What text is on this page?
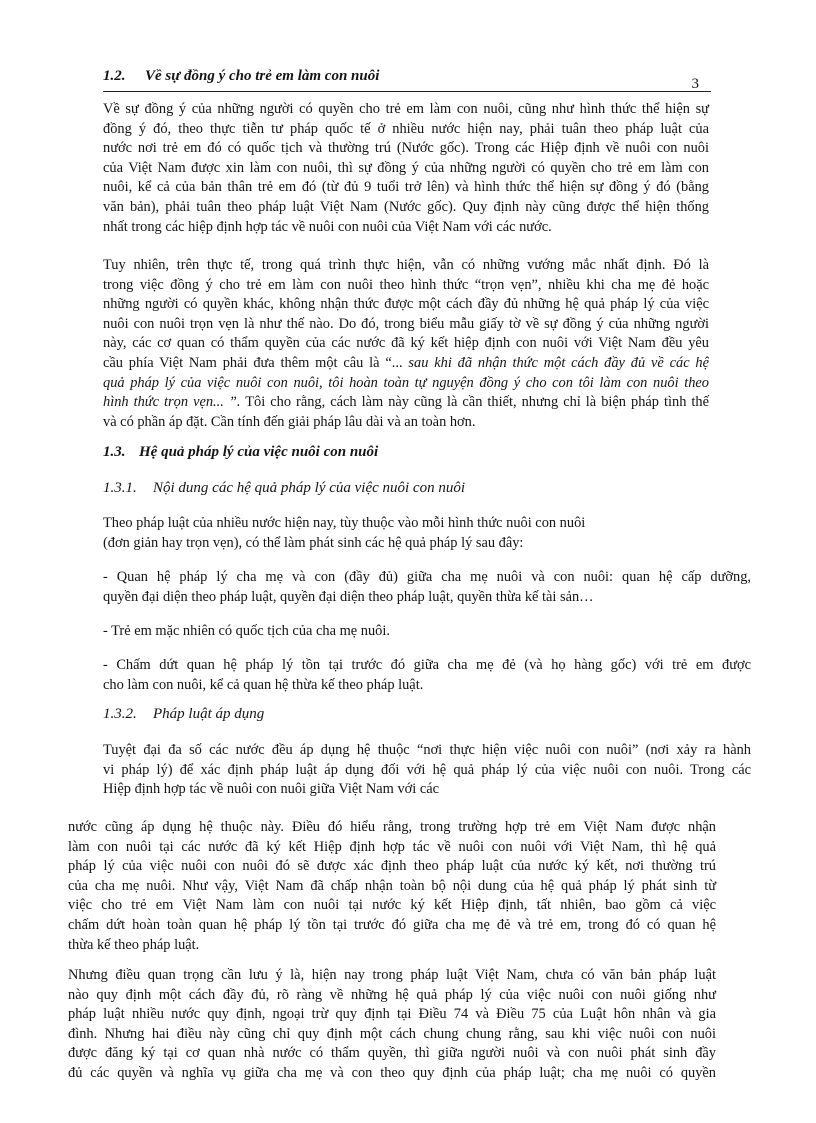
1.2. Về sự đồng ý cho trẻ em làm con nuôi	3
Về sự đồng ý của những người có quyền cho trẻ em làm con nuôi, cũng như hình thức thể hiện sự
đồng ý đó, theo thực tiễn tư pháp quốc tế ở nhiều nước hiện nay, phải tuân theo pháp luật của
nước nơi trẻ em đó có quốc tịch và thường trú (Nước gốc). Trong các Hiệp định về nuôi con nuôi
của Việt Nam được xin làm con nuôi, thì sự đồng ý của những người có quyền cho trẻ em làm con
nuôi, kể cả của bản thân trẻ em đó (từ đủ 9 tuổi trở lên) và hình thức thể hiện sự đồng ý đó (bằng
văn bản), phải tuân theo pháp luật Việt Nam (Nước gốc). Quy định này cũng được thể hiện thống
nhất trong các hiệp định hợp tác về nuôi con nuôi của Việt Nam với các nước.
Tuy nhiên, trên thực tế, trong quá trình thực hiện, vẫn có những vướng mắc nhất định. Đó là
trong việc đồng ý cho trẻ em làm con nuôi theo hình thức “trọn vẹn”, nhiều khi cha mẹ đẻ hoặc
những người có quyền khác, không nhận thức được một cách đầy đủ những hệ quả pháp lý của việc
nuôi con nuôi trọn vẹn là như thế nào. Do đó, trong biểu mẫu giấy tờ về sự đồng ý của những người
này, các cơ quan có thẩm quyền của các nước đã ký kết hiệp định con nuôi với Việt Nam đều yêu
cầu phía Việt Nam phải đưa thêm một câu là “... sau khi đã nhận thức một cách đầy đủ về các hệ
quả pháp lý của việc nuôi con nuôi, tôi hoàn toàn tự nguyện đồng ý cho con tôi làm con nuôi theo
hình thức trọn vẹn... ”. Tôi cho rằng, cách làm này cũng là cần thiết, nhưng chỉ là biện pháp tình thế
và có phần áp đặt. Cần tính đến giải pháp lâu dài và an toàn hơn.
1.3. Hệ quả pháp lý của việc nuôi con nuôi
1.3.1. Nội dung các hệ quả pháp lý của việc nuôi con nuôi
Theo pháp luật của nhiều nước hiện nay, tùy thuộc vào mỗi hình thức nuôi con nuôi
(đơn giản hay trọn vẹn), có thể làm phát sinh các hệ quả pháp lý sau đây:
- Quan hệ pháp lý cha mẹ và con (đầy đủ) giữa cha mẹ nuôi và con nuôi: quan hệ cấp dưỡng,
quyền đại diện theo pháp luật, quyền đại diện theo pháp luật, quyền thừa kế tài sản…
- Trẻ em mặc nhiên có quốc tịch của cha mẹ nuôi.
- Chấm dứt quan hệ pháp lý tồn tại trước đó giữa cha mẹ đẻ (và họ hàng gốc) với trẻ em được
cho làm con nuôi, kể cả quan hệ thừa kế theo pháp luật.
1.3.2. Pháp luật áp dụng
Tuyệt đại đa số các nước đều áp dụng hệ thuộc “nơi thực hiện việc nuôi con nuôi” (nơi xảy ra hành
vi pháp lý) để xác định pháp luật áp dụng đối với hệ quả pháp lý của việc nuôi con nuôi. Trong các
Hiệp định hợp tác về nuôi con nuôi giữa Việt Nam với các
nước cũng áp dụng hệ thuộc này. Điều đó hiểu rằng, trong trường hợp trẻ em Việt Nam được nhận
làm con nuôi tại các nước đã ký kết Hiệp định hợp tác về nuôi con nuôi với Việt Nam, thì hệ quả
pháp lý của việc nuôi con nuôi đó sẽ được xác định theo pháp luật của nước ký kết, nơi thường trú
của cha mẹ nuôi. Như vậy, Việt Nam đã chấp nhận toàn bộ nội dung của hệ quả pháp lý phát sinh từ
việc cho trẻ em Việt Nam làm con nuôi tại nước ký kết Hiệp định, tất nhiên, bao gồm cả việc
chấm dứt hoàn toàn quan hệ pháp lý tồn tại trước đó giữa cha mẹ đẻ và trẻ em, trong đó có quan hệ
thừa kế theo pháp luật.
Nhưng điều quan trọng cần lưu ý là, hiện nay trong pháp luật Việt Nam, chưa có văn bản pháp luật
nào quy định một cách đầy đủ, rõ ràng về những hệ quả pháp lý của việc nuôi con nuôi giống như
pháp luật nhiều nước quy định, ngoại trừ quy định tại Điều 74 và Điều 75 của Luật hôn nhân và gia
đình. Nhưng hai điều này cũng chỉ quy định một cách chung chung rằng, sau khi việc nuôi con nuôi
được đăng ký tại cơ quan nhà nước có thẩm quyền, thì giữa người nuôi và con nuôi phát sinh đầy
đủ các quyền và nghĩa vụ giữa cha mẹ và con theo quy định của pháp luật; cha mẹ nuôi có quyền
